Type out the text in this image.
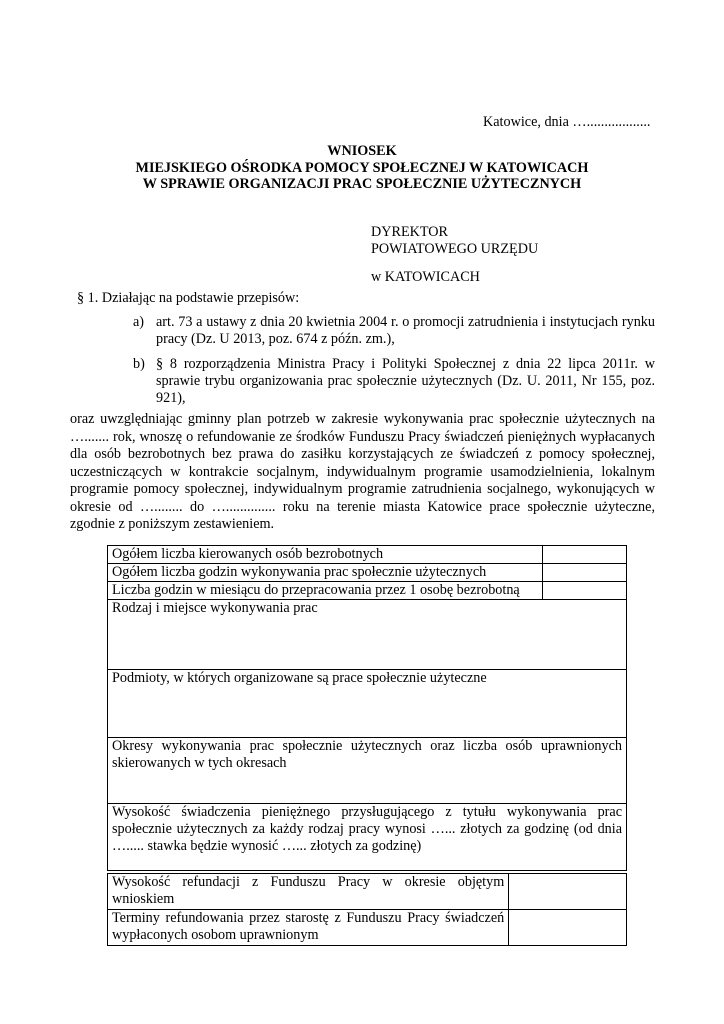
Katowice, dnia …..................
WNIOSEK
MIEJSKIEGO OŚRODKA POMOCY SPOŁECZNEJ W KATOWICACH
W SPRAWIE ORGANIZACJI PRAC SPOŁECZNIE UŻYTECZNYCH
DYREKTOR
POWIATOWEGO URZĘDU
w KATOWICACH
§ 1. Działając na podstawie przepisów:
a) art. 73 a ustawy z dnia 20 kwietnia 2004 r. o promocji zatrudnienia i instytucjach rynku pracy (Dz. U 2013, poz. 674 z późn. zm.),
b) § 8 rozporządzenia Ministra Pracy i Polityki Społecznej z dnia 22 lipca 2011r. w sprawie trybu organizowania prac społecznie użytecznych (Dz. U. 2011, Nr 155, poz. 921),
oraz uwzględniając gminny plan potrzeb w zakresie wykonywania prac społecznie użytecznych na …....... rok, wnoszę o refundowanie ze środków Funduszu Pracy świadczeń pieniężnych wypłacanych dla osób bezrobotnych bez prawa do zasiłku korzystających ze świadczeń z pomocy społecznej, uczestniczących w kontrakcie socjalnym, indywidualnym programie usamodzielnienia, lokalnym programie pomocy społecznej, indywidualnym programie zatrudnienia socjalnego, wykonujących w okresie od …........ do ….............. roku na terenie miasta Katowice prace społecznie użyteczne, zgodnie z poniższym zestawieniem.
Ogółem liczba kierowanych osób bezrobotnych	
Ogółem liczba godzin wykonywania prac społecznie użytecznych	
Liczba godzin w miesiącu do przepracowania przez 1 osobę bezrobotną	
Rodzaj i miejsce wykonywania prac	
Podmioty, w których organizowane są prace społecznie użyteczne	
Okresy wykonywania prac społecznie użytecznych oraz liczba osób uprawnionych skierowanych w tych okresach	
Wysokość świadczenia pieniężnego przysługującego z tytułu wykonywania prac społecznie użytecznych za każdy rodzaj pracy wynosi …... złotych za godzinę (od dnia …..... stawka będzie wynosić …... złotych za godzinę)	
Wysokość refundacji z Funduszu Pracy w okresie objętym wnioskiem	
Terminy refundowania przez starostę z Funduszu Pracy świadczeń wypłaconych osobom uprawnionym	
